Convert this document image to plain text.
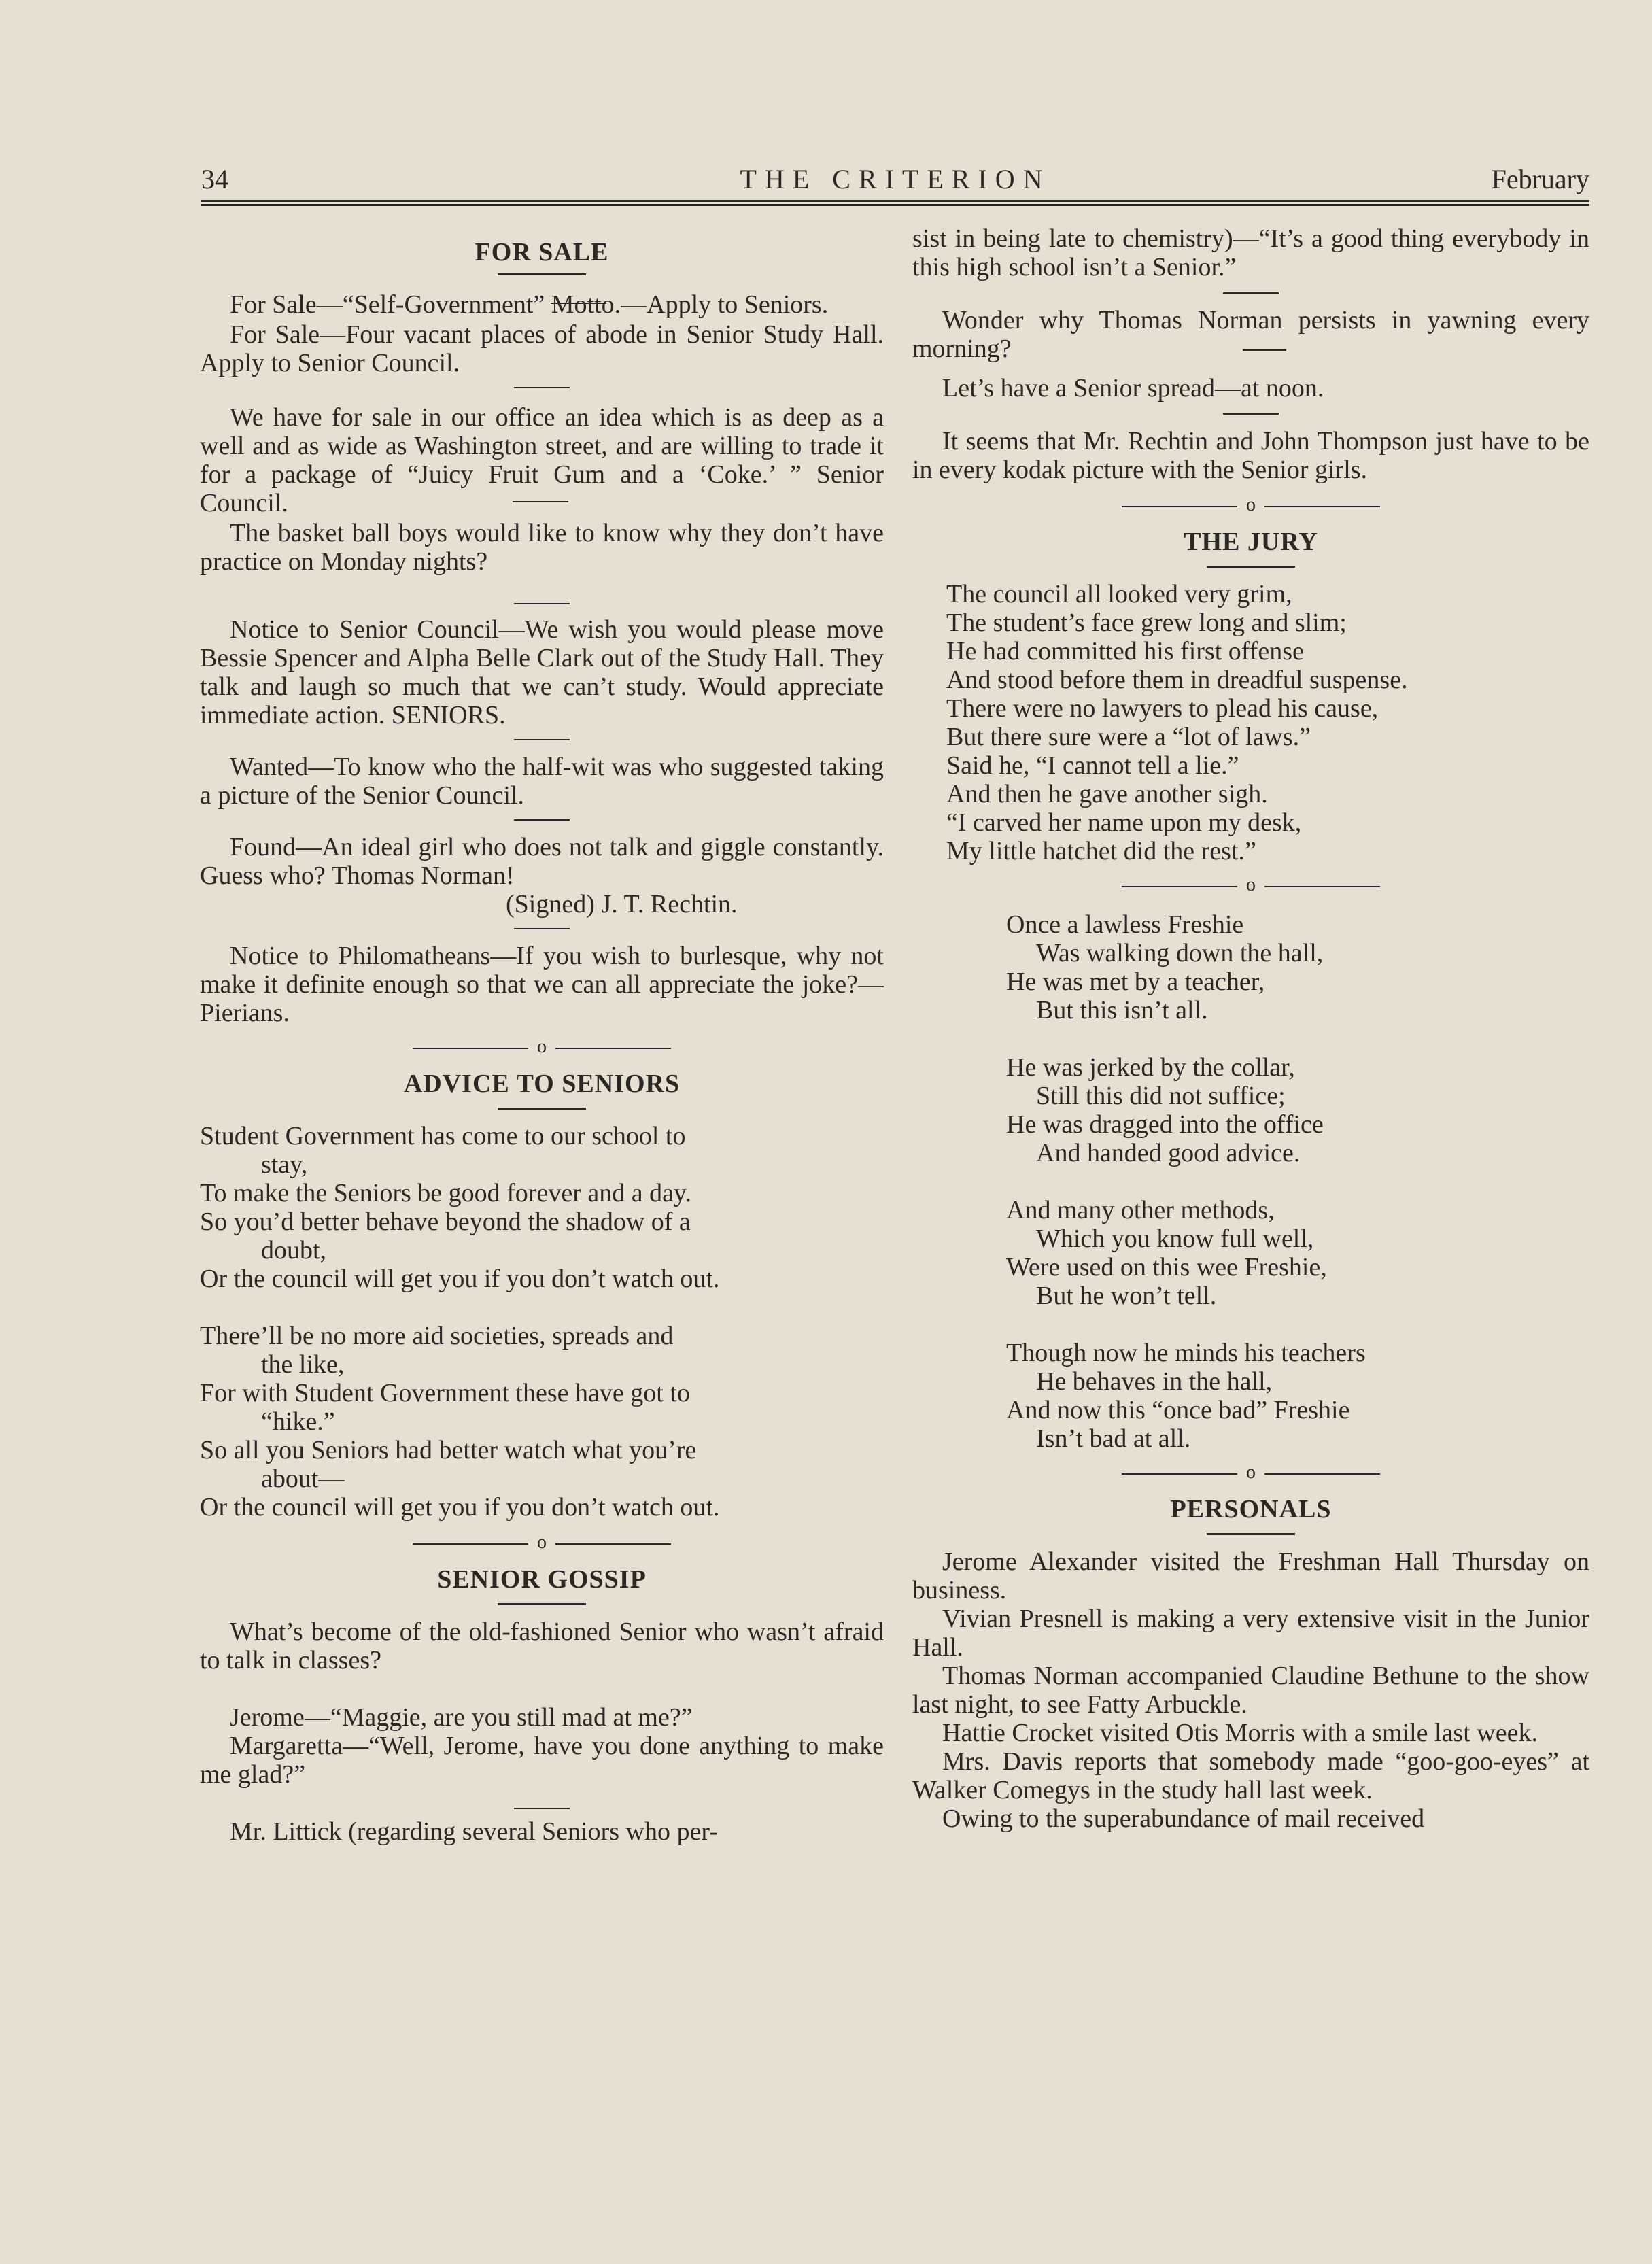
34	THE CRITERION	February
FOR SALE

For Sale—“Self-Government” Motto.—Apply to Seniors.

For Sale—Four vacant places of abode in Senior Study Hall. Apply to Senior Council.

We have for sale in our office an idea which is as deep as a well and as wide as Washington street, and are willing to trade it for a package of “Juicy Fruit Gum and a ‘Coke.’ ” Senior Council.

The basket ball boys would like to know why they don’t have practice on Monday nights?

Notice to Senior Council—We wish you would please move Bessie Spencer and Alpha Belle Clark out of the Study Hall. They talk and laugh so much that we can’t study. Would appreciate immediate action. SENIORS.

Wanted—To know who the half-wit was who suggested taking a picture of the Senior Council.

Found—An ideal girl who does not talk and giggle constantly. Guess who? Thomas Norman!

(Signed) J. T. Rechtin.

Notice to Philomatheans—If you wish to burlesque, why not make it definite enough so that we can all appreciate the joke?—Pierians.

o
ADVICE TO SENIORS
Student Government has come to our school to
stay,
To make the Seniors be good forever and a day.
So you’d better behave beyond the shadow of a
doubt,
Or the council will get you if you don’t watch out.
There’ll be no more aid societies, spreads and
the like,
For with Student Government these have got to
“hike.”
So all you Seniors had better watch what you’re
about—
Or the council will get you if you don’t watch out.
o
SENIOR GOSSIP

What’s become of the old-fashioned Senior who wasn’t afraid to talk in classes?

Jerome—“Maggie, are you still mad at me?”

Margaretta—“Well, Jerome, have you done anything to make me glad?”

Mr. Littick (regarding several Seniors who per-

sist in being late to chemistry)—“It’s a good thing everybody in this high school isn’t a Senior.”

Wonder why Thomas Norman persists in yawning every morning?

Let’s have a Senior spread—at noon.

It seems that Mr. Rechtin and John Thompson just have to be in every kodak picture with the Senior girls.

o
THE JURY
The council all looked very grim,
The student’s face grew long and slim;
He had committed his first offense
And stood before them in dreadful suspense.
There were no lawyers to plead his cause,
But there sure were a “lot of laws.”
Said he, “I cannot tell a lie.”
And then he gave another sigh.
“I carved her name upon my desk,
My little hatchet did the rest.”
o
Once a lawless Freshie
Was walking down the hall,
He was met by a teacher,
But this isn’t all.
He was jerked by the collar,
Still this did not suffice;
He was dragged into the office
And handed good advice.
And many other methods,
Which you know full well,
Were used on this wee Freshie,
But he won’t tell.
Though now he minds his teachers
He behaves in the hall,
And now this “once bad” Freshie
Isn’t bad at all.
o
PERSONALS

Jerome Alexander visited the Freshman Hall Thursday on business.

Vivian Presnell is making a very extensive visit in the Junior Hall.

Thomas Norman accompanied Claudine Bethune to the show last night, to see Fatty Arbuckle.

Hattie Crocket visited Otis Morris with a smile last week.

Mrs. Davis reports that somebody made “goo-goo-eyes” at Walker Comegys in the study hall last week.

Owing to the superabundance of mail received
